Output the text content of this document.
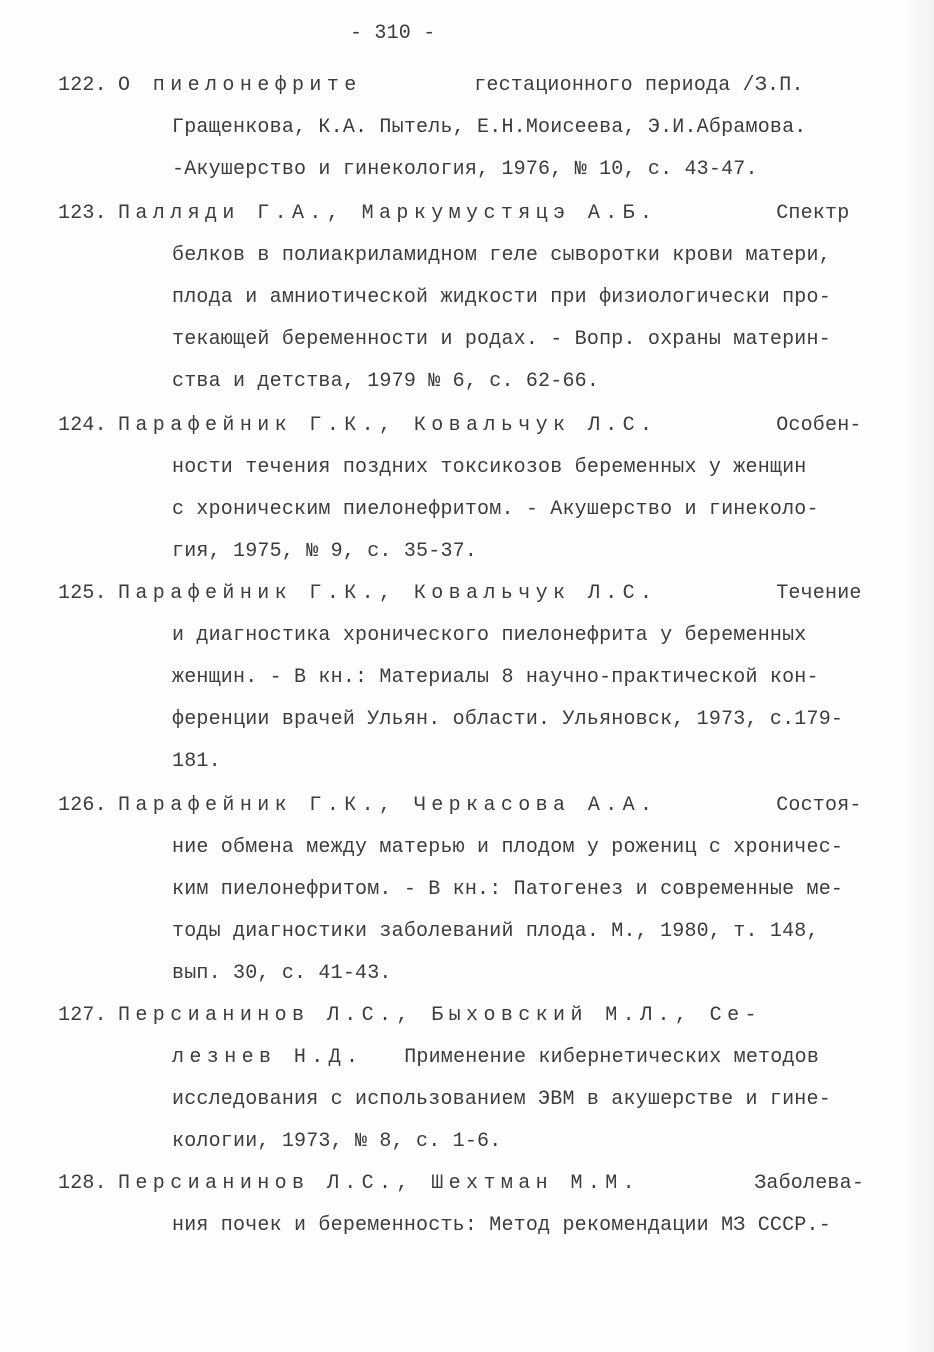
- 310 -

122. О пиелонефрите	гестационного периода /З.П.

Гращенкова, К.А. Пытель, Е.Н.Моисеева, Э.И.Абрамова.

-Акушерство и гинекология, 1976, № 10, с. 43-47.

123. Палляди Г.А., Маркумустяцэ А.Б.	Спектр

белков в полиакриламидном геле сыворотки крови матери,

плода и амниотической жидкости при физиологически про-

текающей беременности и родах. - Вопр. охраны материн-

ства и детства, 1979 № 6, с. 62-66.

124. Парафейник Г.К., Ковальчук Л.С.	Особен-

ности течения поздних токсикозов беременных у женщин

с хроническим пиелонефритом. - Акушерство и гинеколо-

гия, 1975, № 9, с. 35-37.

125. Парафейник Г.К., Ковальчук Л.С.	Течение

и диагностика хронического пиелонефрита у беременных

женщин. - В кн.: Материалы 8 научно-практической кон-

ференции врачей Ульян. области. Ульяновск, 1973, с.179-

181.

126. Парафейник Г.К., Черкасова А.А.	Состоя-

ние обмена между матерью и плодом у рожениц с хроничес-

ким пиелонефритом. - В кн.: Патогенез и современные ме-

тоды диагностики заболеваний плода. М., 1980, т. 148,

вып. 30, с. 41-43.

127. Персианинов Л.С., Быховский М.Л., Се-

лезнев Н.Д. Применение кибернетических методов

исследования с использованием ЭВМ в акушерстве и гине-

кологии, 1973, № 8, с. 1-6.

128. Персианинов Л.С., Шехтман М.М.	Заболева-

ния почек и беременность: Метод рекомендации МЗ СССР.-
